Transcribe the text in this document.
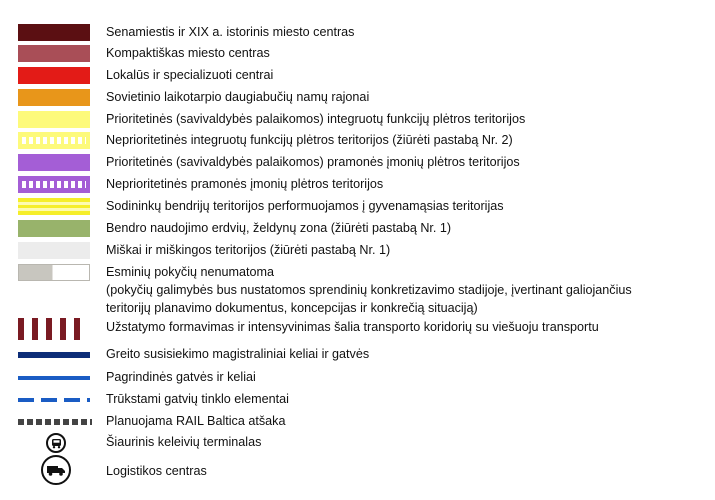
Senamiestis ir XIX a. istorinis miesto centras
Kompaktiškas miesto centras
Lokalūs ir specializuoti centrai
Sovietinio laikotarpio daugiabučių namų rajonai
Prioritetinės (savivaldybės palaikomos) integruotų funkcijų plėtros teritorijos
Neprioritetinės integruotų funkcijų plėtros teritorijos (žiūrėti pastabą Nr. 2)
Prioritetinės (savivaldybės palaikomos) pramonės įmonių plėtros teritorijos
Neprioritetinės pramonės įmonių plėtros teritorijos
Sodininkų bendrijų teritorijos performuojamos į gyvenamąsias teritorijas
Bendro naudojimo erdvių, želdynų zona (žiūrėti pastabą Nr. 1)
Miškai ir miškingos teritorijos (žiūrėti pastabą Nr. 1)
Esminių pokyčių nenumatoma
(pokyčių galimybės bus nustatomos sprendinių konkretizavimo stadijoje, įvertinant galiojančius
teritorijų planavimo dokumentus, koncepcijas ir konkrečią situaciją)
Užstatymo formavimas ir intensyvinimas šalia transporto koridorių su viešuoju transportu
Greito susisiekimo magistraliniai keliai ir gatvės
Pagrindinės gatvės ir keliai
Trūkstami gatvių tinklo elementai
Planuojama RAIL Baltica atšaka
Šiaurinis keleivių terminalas
Logistikos centras
